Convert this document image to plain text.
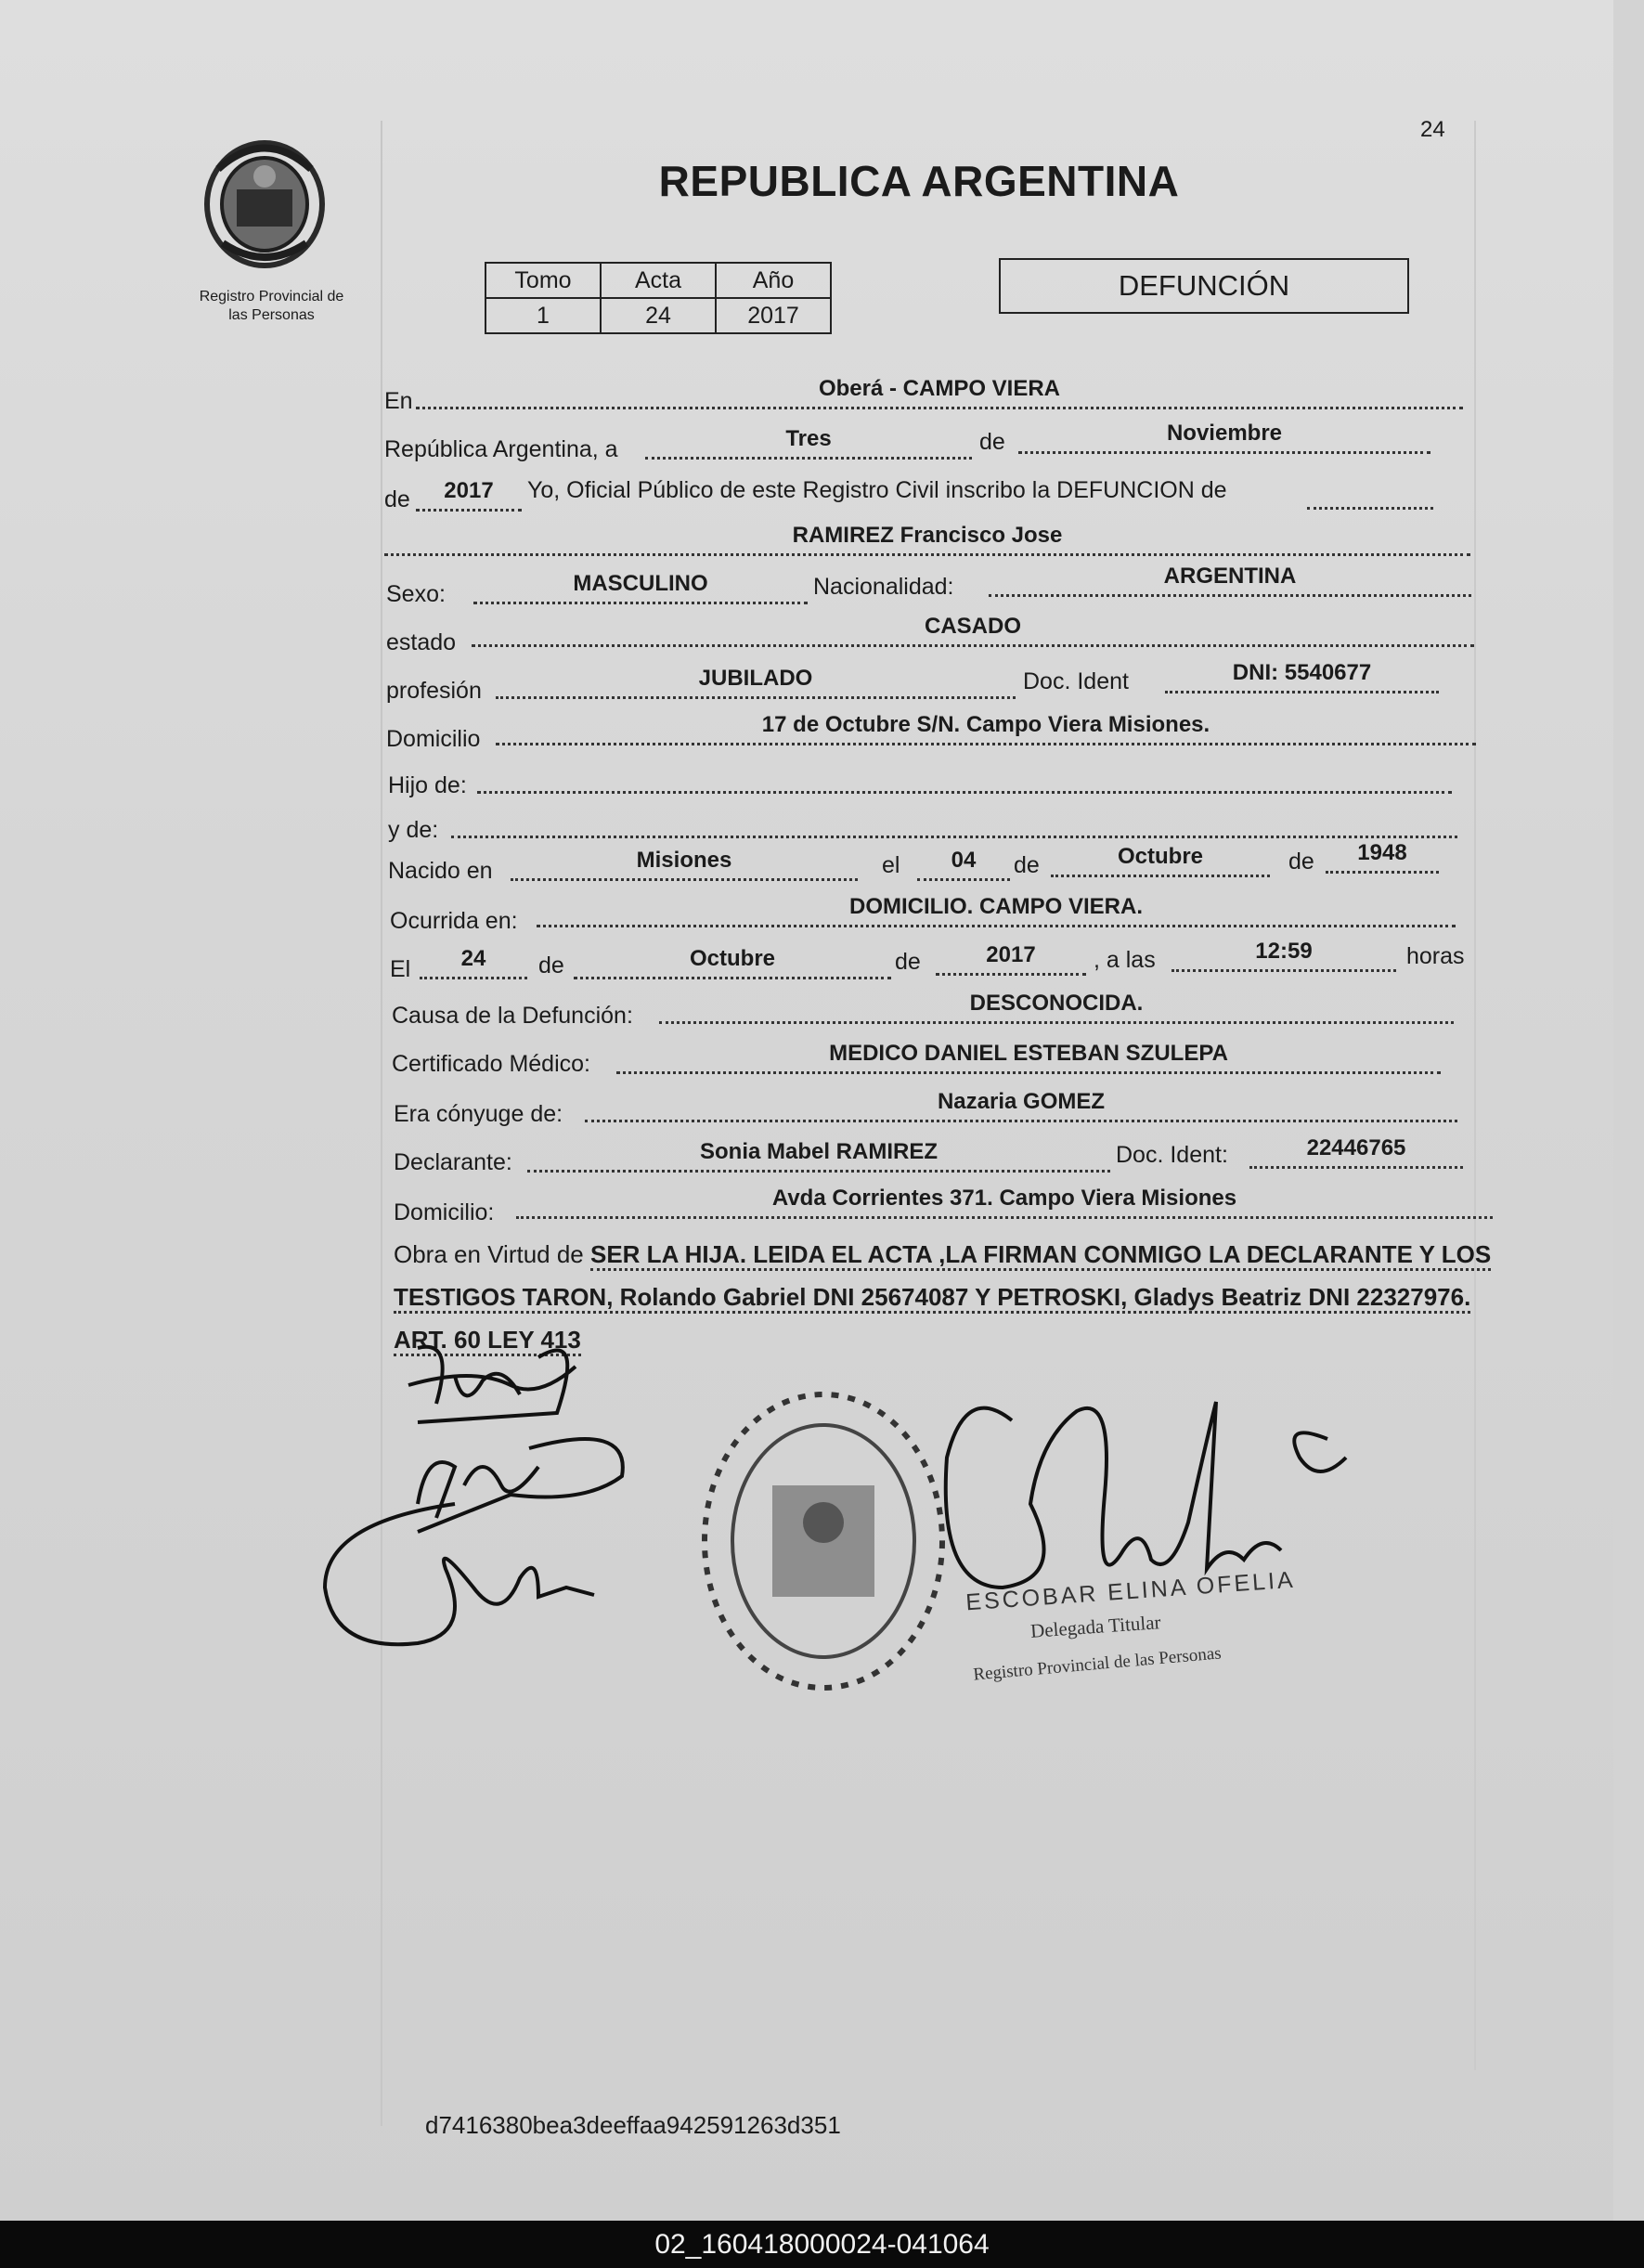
24
Registro Provincial de
las Personas
REPUBLICA ARGENTINA
Tomo	Acta	Año
1	24	2017
DEFUNCIÓN
En	Oberá - CAMPO VIERA
República Argentina, a	Tres	de	Noviembre
de	2017	Yo, Oficial Público de este Registro Civil inscribo la DEFUNCION de
RAMIREZ Francisco Jose
Sexo:	MASCULINO	Nacionalidad:	ARGENTINA
estado
CASADO
profesión	JUBILADO	Doc. Ident	DNI: 5540677
Domicilio
17 de Octubre S/N. Campo Viera Misiones.
Hijo de:
y de:
Nacido en	Misiones	el	04	de	Octubre	de	1948
Ocurrida en:
DOMICILIO. CAMPO VIERA.
El	24	de	Octubre	de	2017	, a las	12:59	horas
Causa de la Defunción:	DESCONOCIDA.
Certificado Médico:	MEDICO DANIEL ESTEBAN SZULEPA
Era cónyuge de:	Nazaria GOMEZ
Declarante:	Sonia Mabel RAMIREZ	Doc. Ident:	22446765
Domicilio:
Avda Corrientes 371. Campo Viera Misiones
Obra en Virtud de SER LA HIJA. LEIDA EL ACTA ,LA FIRMAN CONMIGO LA DECLARANTE Y LOS TESTIGOS TARON, Rolando Gabriel DNI 25674087 Y PETROSKI, Gladys Beatriz DNI 22327976. ART. 60 LEY 413
ESCOBAR ELINA OFELIA
Delegada Titular
Registro Provincial de las Personas
d7416380bea3deeffaa942591263d351
02_160418000024-041064
